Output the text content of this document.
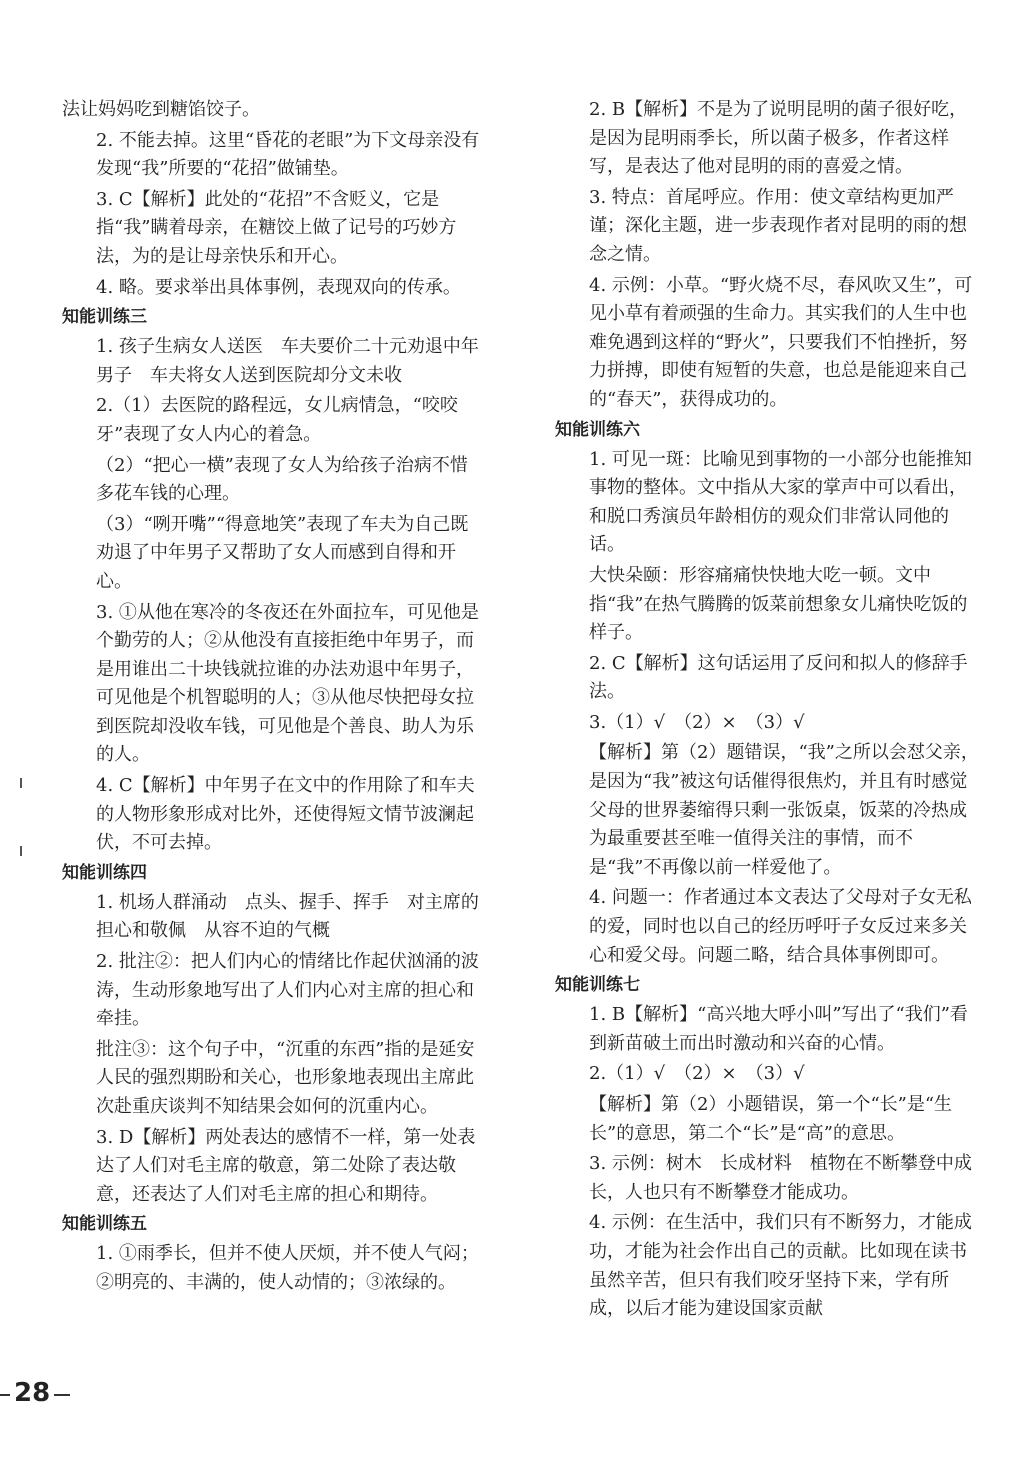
法让妈妈吃到糖馅饺子。

2. 不能去掉。这里“昏花的老眼”为下文母亲没有发现“我”所要的“花招”做铺垫。

3. C【解析】此处的“花招”不含贬义，它是指“我”瞒着母亲，在糖饺上做了记号的巧妙方法，为的是让母亲快乐和开心。

4. 略。要求举出具体事例，表现双向的传承。

知能训练三

1. 孩子生病女人送医　车夫要价二十元劝退中年男子　车夫将女人送到医院却分文未收

2.（1）去医院的路程远，女儿病情急，“咬咬牙”表现了女人内心的着急。

（2）“把心一横”表现了女人为给孩子治病不惜多花车钱的心理。

（3）“咧开嘴”“得意地笑”表现了车夫为自己既劝退了中年男子又帮助了女人而感到自得和开心。

3. ①从他在寒冷的冬夜还在外面拉车，可见他是个勤劳的人；②从他没有直接拒绝中年男子，而是用谁出二十块钱就拉谁的办法劝退中年男子，可见他是个机智聪明的人；③从他尽快把母女拉到医院却没收车钱，可见他是个善良、助人为乐的人。

4. C【解析】中年男子在文中的作用除了和车夫的人物形象形成对比外，还使得短文情节波澜起伏，不可去掉。

知能训练四

1. 机场人群涌动　点头、握手、挥手　对主席的担心和敬佩　从容不迫的气概

2. 批注②：把人们内心的情绪比作起伏汹涌的波涛，生动形象地写出了人们内心对主席的担心和牵挂。

批注③：这个句子中，“沉重的东西”指的是延安人民的强烈期盼和关心，也形象地表现出主席此次赴重庆谈判不知结果会如何的沉重内心。

3. D【解析】两处表达的感情不一样，第一处表达了人们对毛主席的敬意，第二处除了表达敬意，还表达了人们对毛主席的担心和期待。

知能训练五

1. ①雨季长，但并不使人厌烦，并不使人气闷；②明亮的、丰满的，使人动情的；③浓绿的。

2. B【解析】不是为了说明昆明的菌子很好吃，是因为昆明雨季长，所以菌子极多，作者这样写，是表达了他对昆明的雨的喜爱之情。

3. 特点：首尾呼应。作用：使文章结构更加严谨；深化主题，进一步表现作者对昆明的雨的想念之情。

4. 示例：小草。“野火烧不尽，春风吹又生”，可见小草有着顽强的生命力。其实我们的人生中也难免遇到这样的“野火”，只要我们不怕挫折，努力拼搏，即使有短暂的失意，也总是能迎来自己的“春天”，获得成功的。

知能训练六

1. 可见一斑：比喻见到事物的一小部分也能推知事物的整体。文中指从大家的掌声中可以看出，和脱口秀演员年龄相仿的观众们非常认同他的话。

大快朵颐：形容痛痛快快地大吃一顿。文中指“我”在热气腾腾的饭菜前想象女儿痛快吃饭的样子。

2. C【解析】这句话运用了反问和拟人的修辞手法。

3.（1）√　（2）×　（3）√

【解析】第（2）题错误，“我”之所以会怼父亲，是因为“我”被这句话催得很焦灼，并且有时感觉父母的世界萎缩得只剩一张饭桌，饭菜的冷热成为最重要甚至唯一值得关注的事情，而不是“我”不再像以前一样爱他了。

4. 问题一：作者通过本文表达了父母对子女无私的爱，同时也以自己的经历呼吁子女反过来多关心和爱父母。问题二略，结合具体事例即可。

知能训练七

1. B【解析】“高兴地大呼小叫”写出了“我们”看到新苗破土而出时激动和兴奋的心情。

2.（1）√　（2）×　（3）√

【解析】第（2）小题错误，第一个“长”是“生长”的意思，第二个“长”是“高”的意思。

3. 示例：树木　长成材料　植物在不断攀登中成长，人也只有不断攀登才能成功。

4. 示例：在生活中，我们只有不断努力，才能成功，才能为社会作出自己的贡献。比如现在读书虽然辛苦，但只有我们咬牙坚持下来，学有所成，以后才能为建设国家贡献

28
